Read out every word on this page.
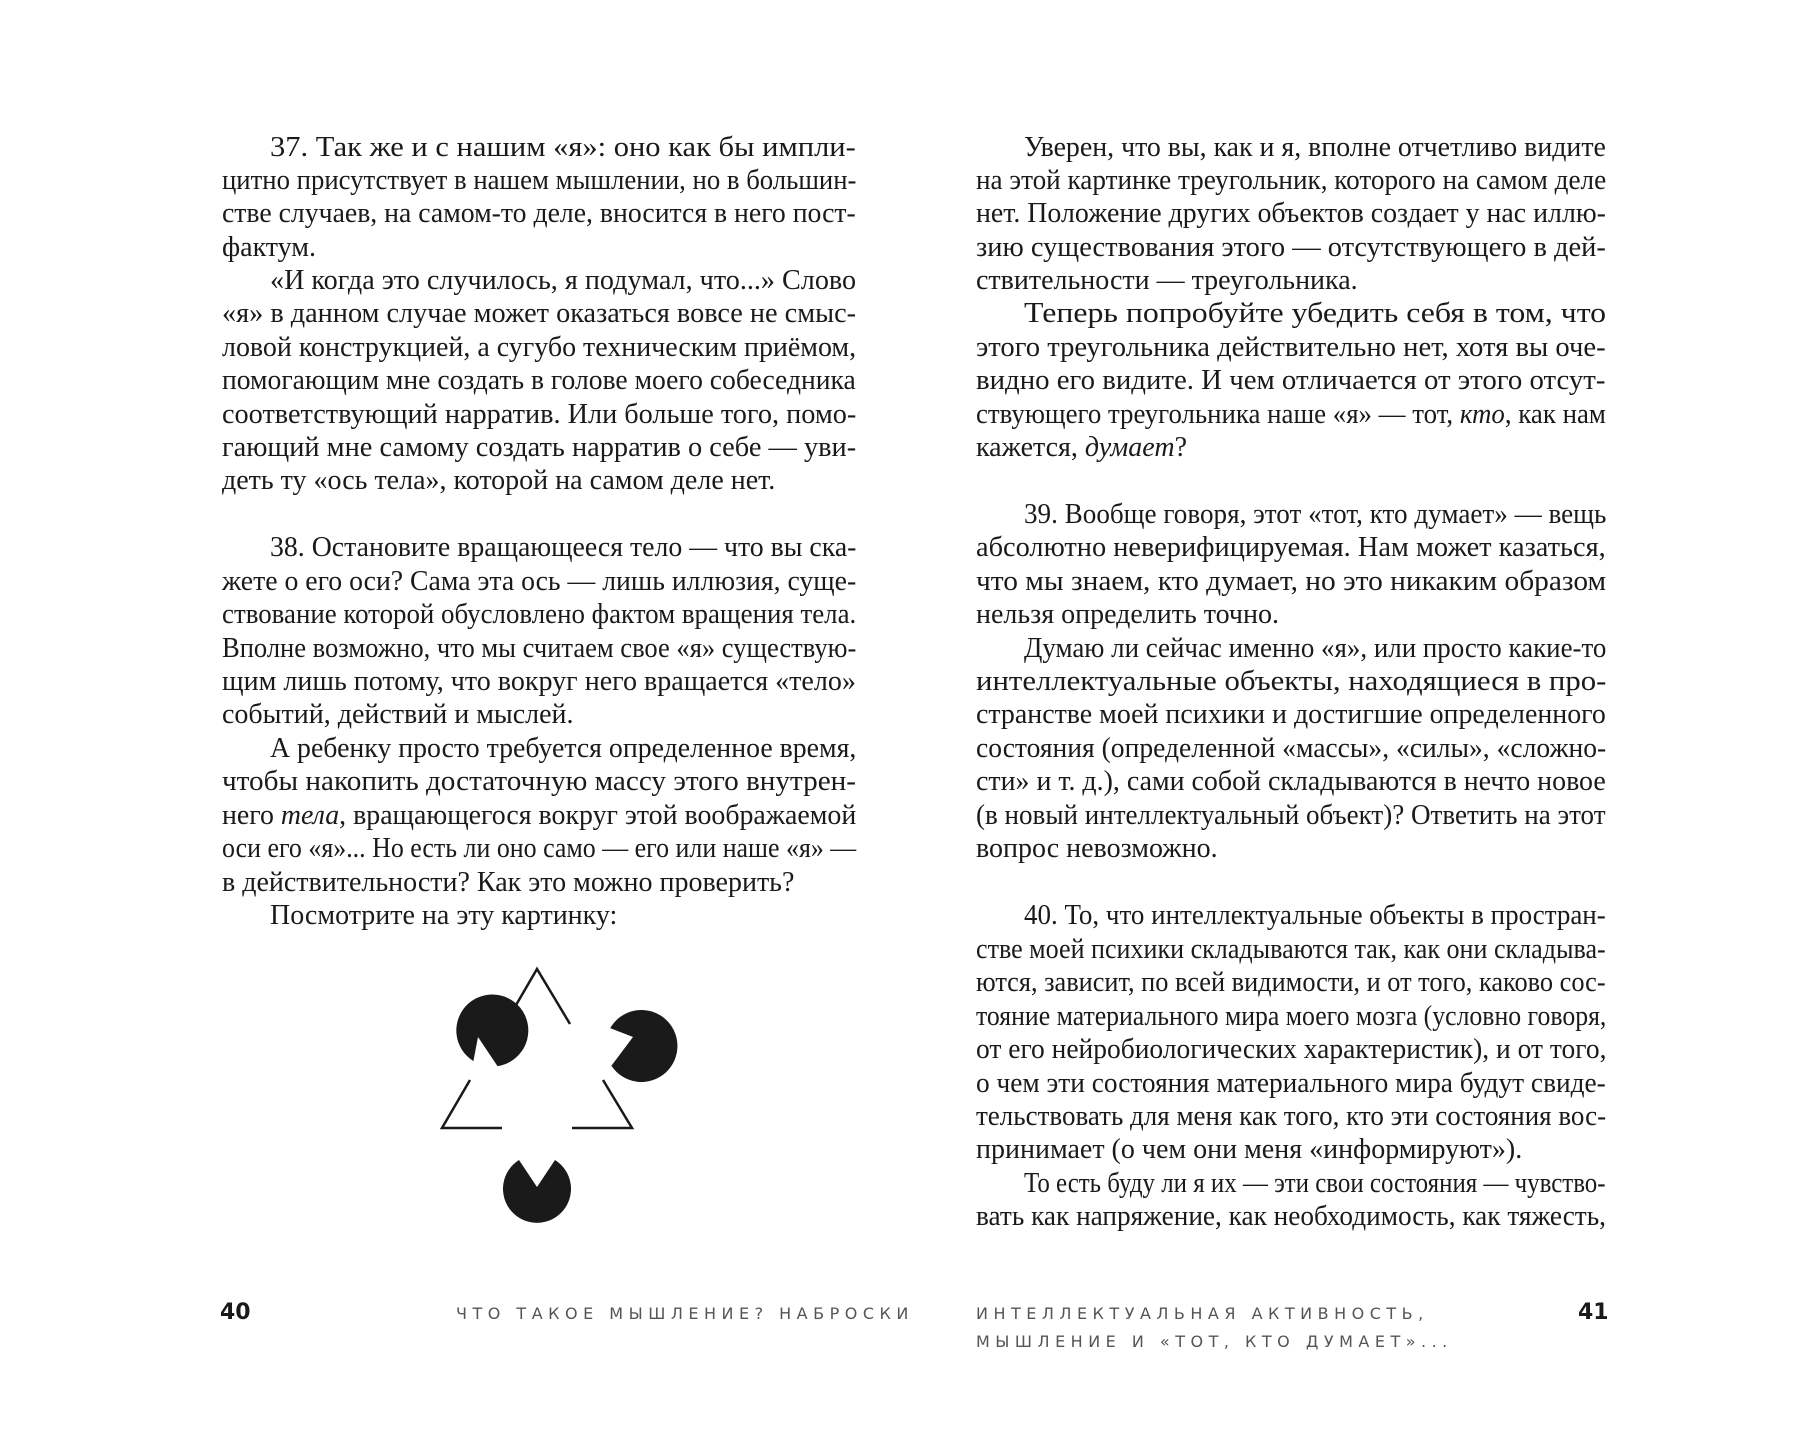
37. Так же и с нашим «я»: оно как бы импли-
цитно присутствует в нашем мышлении, но в большин-
стве случаев, на самом-то деле, вносится в него пост-
фактум.
«И когда это случилось, я подумал, что...» Слово
«я» в данном случае может оказаться вовсе не смыс-
ловой конструкцией, а сугубо техническим приёмом,
помогающим мне создать в голове моего собеседника
соответствующий нарратив. Или больше того, помо-
гающий мне самому создать нарратив о себе — уви-
деть ту «ось тела», которой на самом деле нет.
38. Остановите вращающееся тело — что вы ска-
жете о его оси? Сама эта ось — лишь иллюзия, суще-
ствование которой обусловлено фактом вращения тела.
Вполне возможно, что мы считаем свое «я» существую-
щим лишь потому, что вокруг него вращается «тело»
событий, действий и мыслей.
А ребенку просто требуется определенное время,
чтобы накопить достаточную массу этого внутрен-
него тела, вращающегося вокруг этой воображаемой
оси его «я»... Но есть ли оно само — его или наше «я» —
в действительности? Как это можно проверить?
Посмотрите на эту картинку:
40	ЧТО ТАКОЕ МЫШЛЕНИЕ? НАБРОСКИ
Уверен, что вы, как и я, вполне отчетливо видите
на этой картинке треугольник, которого на самом деле
нет. Положение других объектов создает у нас иллю-
зию существования этого — отсутствующего в дей-
ствительности — треугольника.
Теперь попробуйте убедить себя в том, что
этого треугольника действительно нет, хотя вы оче-
видно его видите. И чем отличается от этого отсут-
ствующего треугольника наше «я» — тот, кто, как нам
кажется, думает?
39. Вообще говоря, этот «тот, кто думает» — вещь
абсолютно неверифицируемая. Нам может казаться,
что мы знаем, кто думает, но это никаким образом
нельзя определить точно.
Думаю ли сейчас именно «я», или просто какие-то
интеллектуальные объекты, находящиеся в про-
странстве моей психики и достигшие определенного
состояния (определенной «массы», «силы», «сложно-
сти» и т. д.), сами собой складываются в нечто новое
(в новый интеллектуальный объект)? Ответить на этот
вопрос невозможно.
40. То, что интеллектуальные объекты в простран-
стве моей психики складываются так, как они складыва-
ются, зависит, по всей видимости, и от того, каково сос-
тояние материального мира моего мозга (условно говоря,
от его нейробиологических характеристик), и от того,
о чем эти состояния материального мира будут свиде-
тельствовать для меня как того, кто эти состояния вос-
принимает (о чем они меня «информируют»).
То есть буду ли я их — эти свои состояния — чувство-
вать как напряжение, как необходимость, как тяжесть,
ИНТЕЛЛЕКТУАЛЬНАЯ АКТИВНОСТЬ,
МЫШЛЕНИЕ И «ТОТ, КТО ДУМАЕТ»...
41
